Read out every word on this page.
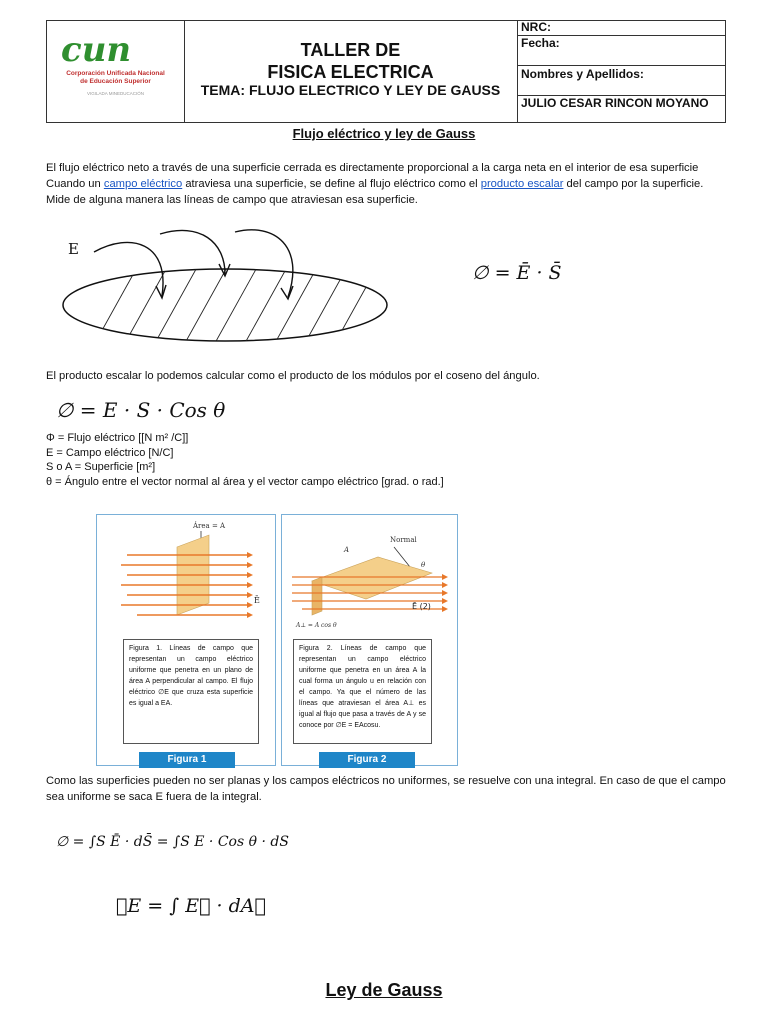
cun
Corporación Unificada Nacional
de Educación Superior
VIGILADA MINEDUCACIÓN
TALLER DE
FISICA ELECTRICA
TEMA: FLUJO ELECTRICO Y LEY DE GAUSS
NRC:
Fecha:
Nombres y Apellidos:
JULIO CESAR RINCON MOYANO
Flujo eléctrico y ley de Gauss
El flujo eléctrico neto a través de una superficie cerrada es directamente proporcional a la carga neta en el interior de esa superficie
Cuando un campo eléctrico atraviesa una superficie, se define al flujo eléctrico como el producto escalar del campo por la superficie.
Mide de alguna manera las líneas de campo que atraviesan esa superficie.
E
∅ = Ē · S̄
El producto escalar lo podemos calcular como el producto de los módulos por el coseno del ángulo.
∅ = E · S · Cos θ
Φ = Flujo eléctrico [[N m² /C]]
E = Campo eléctrico [N/C]
S o A = Superficie [m²]
θ = Ángulo entre el vector normal al área y el vector campo eléctrico [grad. o rad.]
Área = A
Ē
Figura 1. Líneas de campo que representan un campo eléctrico uniforme que penetra en un plano de área A perpendicular al campo. El flujo eléctrico ∅E que cruza esta superficie es igual a EA.
Figura 1
Normal
A
θ
Ē (2)
A⊥ = A cos θ
Figura 2. Líneas de campo que representan un campo eléctrico uniforme que penetra en un área A la cual forma un ángulo u en relación con el campo. Ya que el número de las líneas que atraviesan el área A⊥ es igual al flujo que pasa a través de A y se conoce por ∅E = EAcosu.
Figura 2
Como las superficies pueden no ser planas y los campos eléctricos no uniformes, se resuelve con una integral. En caso de que el campo sea uniforme se saca E fuera de la integral.
∅ = ∫S Ē · dS̄ = ∫S E · Cos θ · dS
∅E = ∫ E⃗ · dA⃗
Ley de Gauss
